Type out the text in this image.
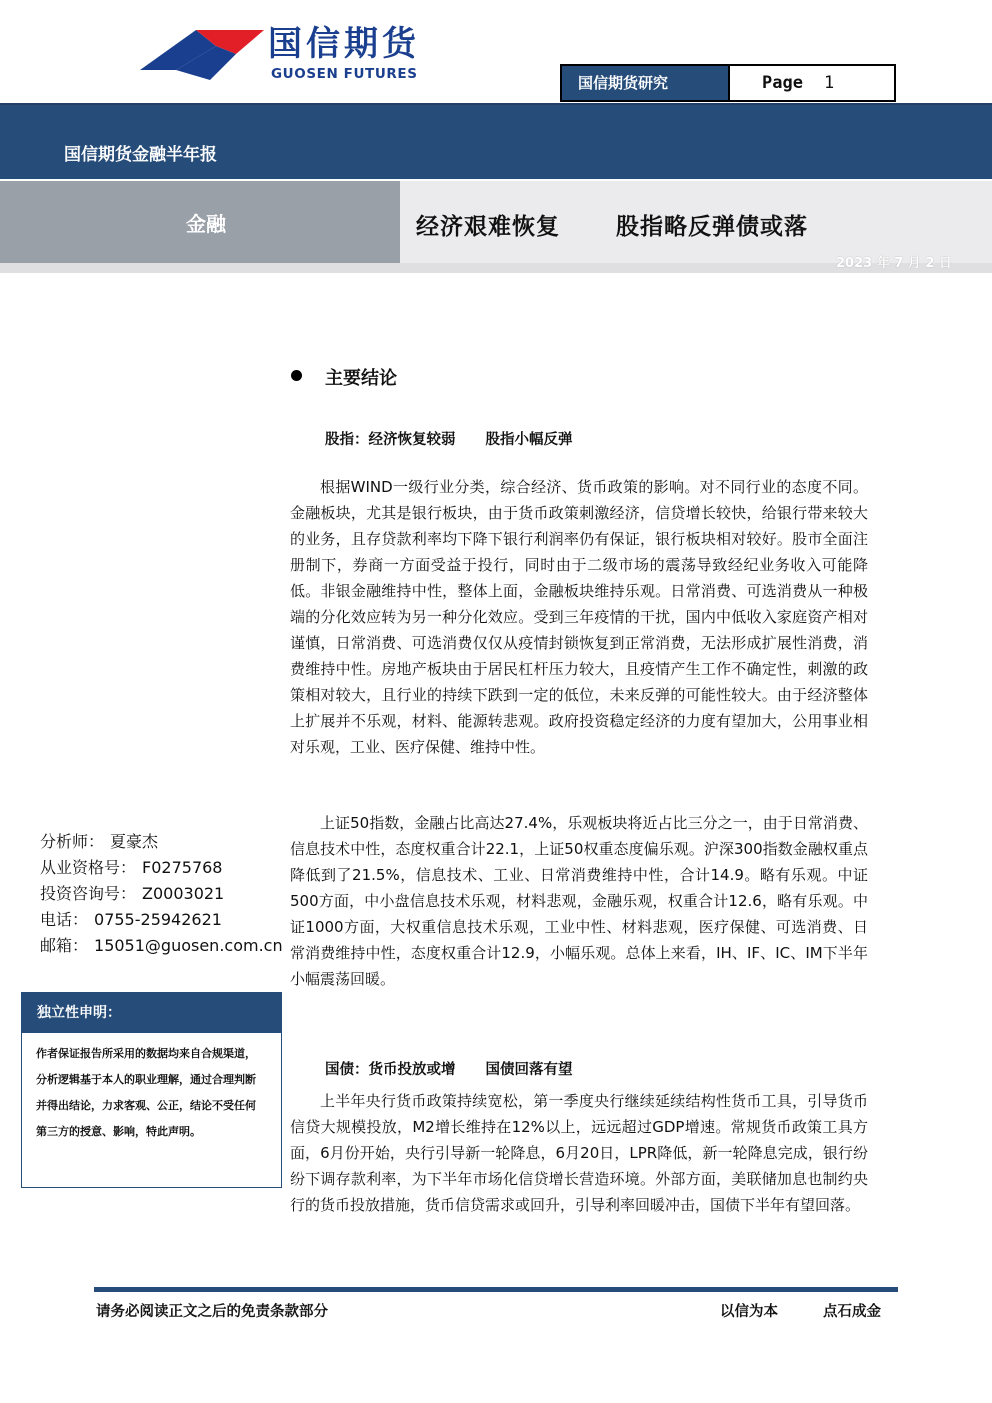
国信期货
GUOSEN FUTURES	国信期货研究	Page 1
国信期货金融半年报
金融	经济艰难恢复 股指略反弹债或落
2023 年 7 月 2 日
主要结论
股指：经济恢复较弱 股指小幅反弹

根据WIND一级行业分类，综合经济、货币政策的影响。对不同行业的态度不同。金融板块，尤其是银行板块，由于货币政策刺激经济，信贷增长较快，给银行带来较大的业务，且存贷款利率均下降下银行利润率仍有保证，银行板块相对较好。股市全面注册制下，券商一方面受益于投行，同时由于二级市场的震荡导致经纪业务收入可能降低。非银金融维持中性，整体上面，金融板块维持乐观。日常消费、可选消费从一种极端的分化效应转为另一种分化效应。受到三年疫情的干扰，国内中低收入家庭资产相对谨慎，日常消费、可选消费仅仅从疫情封锁恢复到正常消费，无法形成扩展性消费，消费维持中性。房地产板块由于居民杠杆压力较大，且疫情产生工作不确定性，刺激的政策相对较大，且行业的持续下跌到一定的低位，未来反弹的可能性较大。由于经济整体上扩展并不乐观，材料、能源转悲观。政府投资稳定经济的力度有望加大，公用事业相对乐观，工业、医疗保健、维持中性。

上证50指数，金融占比高达27.4%，乐观板块将近占比三分之一，由于日常消费、信息技术中性，态度权重合计22.1，上证50权重态度偏乐观。沪深300指数金融权重点降低到了21.5%，信息技术、工业、日常消费维持中性，合计14.9。略有乐观。中证500方面，中小盘信息技术乐观，材料悲观，金融乐观，权重合计12.6，略有乐观。中证1000方面，大权重信息技术乐观，工业中性、材料悲观，医疗保健、可选消费、日常消费维持中性，态度权重合计12.9，小幅乐观。总体上来看，IH、IF、IC、IM下半年小幅震荡回暖。

国债：货币投放或增 国债回落有望

上半年央行货币政策持续宽松，第一季度央行继续延续结构性货币工具，引导货币信贷大规模投放，M2增长维持在12%以上，远远超过GDP增速。常规货币政策工具方面，6月份开始，央行引导新一轮降息，6月20日，LPR降低，新一轮降息完成，银行纷纷下调存款利率，为下半年市场化信贷增长营造环境。外部方面，美联储加息也制约央行的货币投放措施，货币信贷需求或回升，引导利率回暖冲击，国债下半年有望回落。

分析师： 夏豪杰
从业资格号： F0275768
投资咨询号： Z0003021
电话： 0755-25942621
邮箱： 15051@guosen.com.cn
独立性申明：

作者保证报告所采用的数据均来自合规渠道，分析逻辑基于本人的职业理解，通过合理判断 并得出结论，力求客观、公正，结论不受任何第三方的授意、影响，特此声明。

请务必阅读正文之后的免责条款部分	以信为本	点石成金
